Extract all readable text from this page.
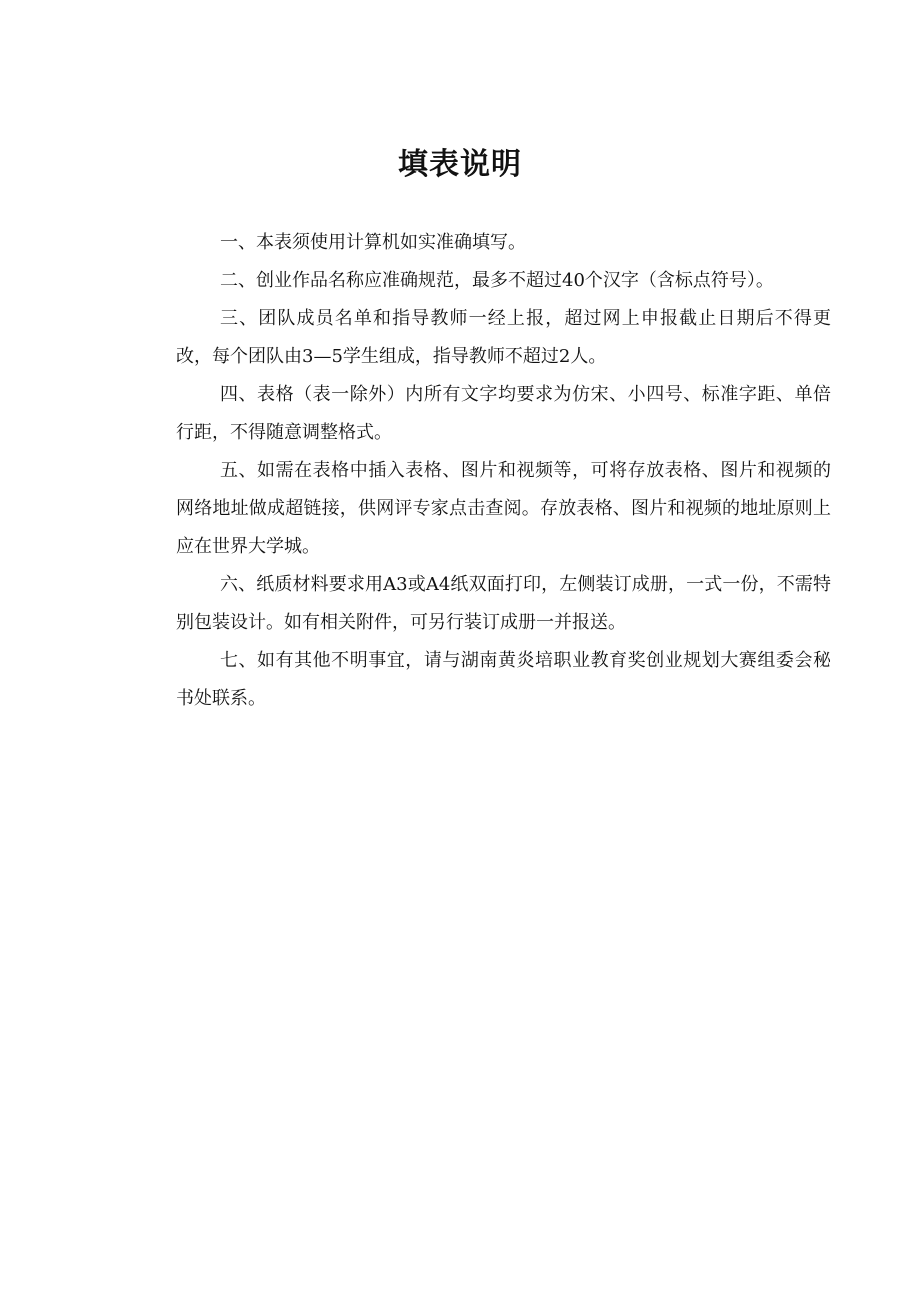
填表说明

一、本表须使用计算机如实准确填写。

二、创业作品名称应准确规范，最多不超过40个汉字（含标点符号）。

三、团队成员名单和指导教师一经上报，超过网上申报截止日期后不得更改，每个团队由3—5学生组成，指导教师不超过2人。

四、表格（表一除外）内所有文字均要求为仿宋、小四号、标准字距、单倍行距，不得随意调整格式。

五、如需在表格中插入表格、图片和视频等，可将存放表格、图片和视频的网络地址做成超链接，供网评专家点击查阅。存放表格、图片和视频的地址原则上应在世界大学城。

六、纸质材料要求用A3或A4纸双面打印，左侧装订成册，一式一份，不需特别包装设计。如有相关附件，可另行装订成册一并报送。

七、如有其他不明事宜，请与湖南黄炎培职业教育奖创业规划大赛组委会秘书处联系。
